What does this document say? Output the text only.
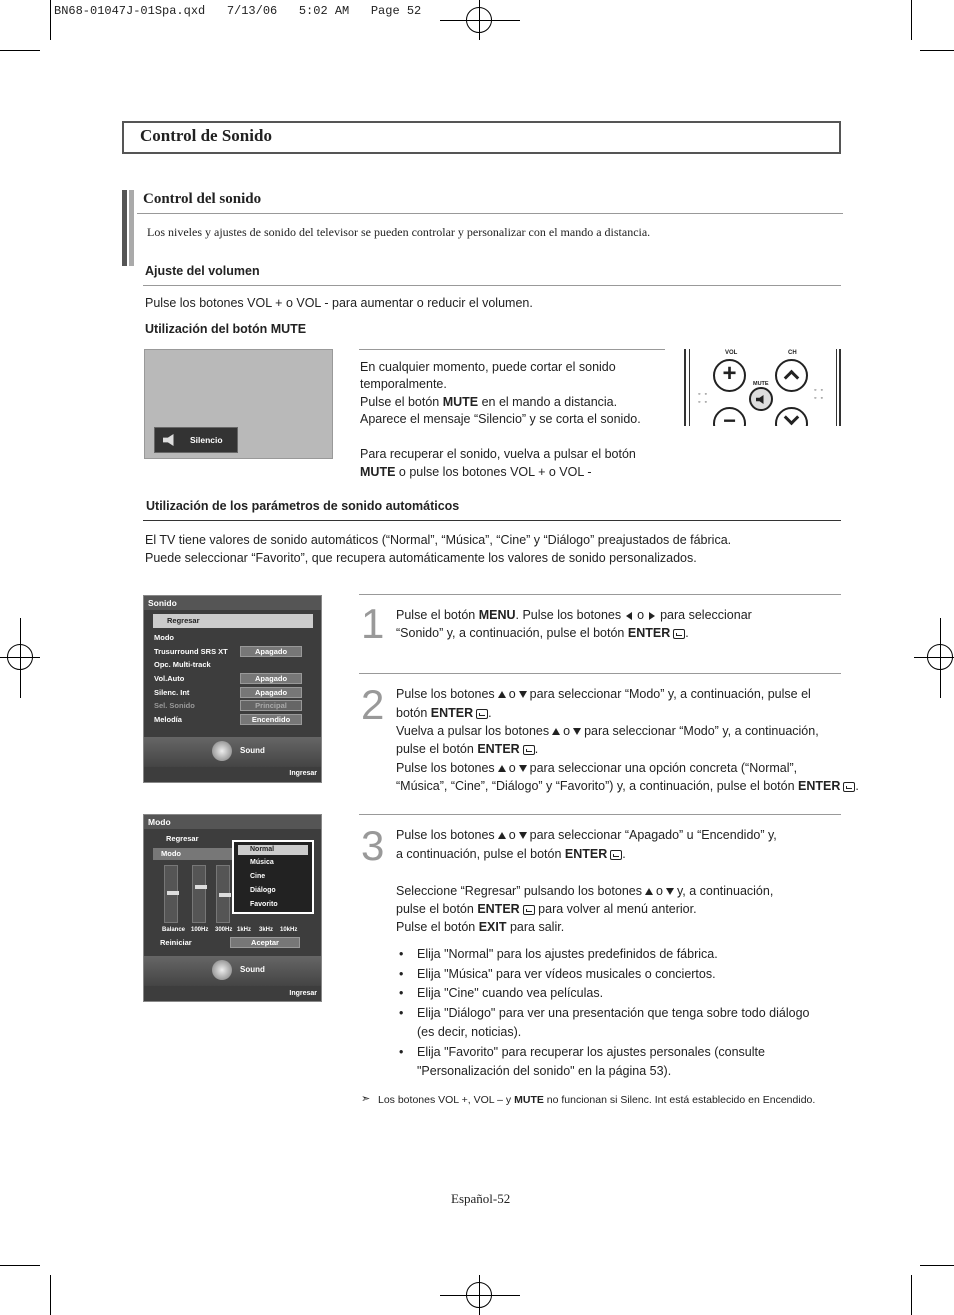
BN68-01047J-01Spa.qxd   7/13/06   5:02 AM   Page 52
Control de Sonido
Control del sonido
Los niveles y ajustes de sonido del televisor se pueden controlar y personalizar con el mando a distancia.
Ajuste del volumen
Pulse los botones VOL + o VOL - para aumentar o reducir el volumen.
Utilización del botón MUTE
Silencio
En cualquier momento, puede cortar el sonido
temporalmente.
Pulse el botón MUTE en el mando a distancia.
Aparece el mensaje “Silencio” y se corta el sonido.
Para recuperar el sonido, vuelva a pulsar el botón
MUTE o pulse los botones VOL + o VOL -
VOL	CH
+
−
MUTE
◦ ◦
◦ ◦
◦ ◦
◦ ◦
Utilización de los parámetros de sonido automáticos
El TV tiene valores de sonido automáticos (“Normal”, “Música”, “Cine” y “Diálogo” preajustados de fábrica.
Puede seleccionar “Favorito”, que recupera automáticamente los valores de sonido personalizados.
Sonido
Regresar
Modo
Trusurround SRS XT	Apagado
Opc. Multi-track
Vol.Auto	Apagado
Silenc. Int	Apagado
Sel. Sonido	Principal
Melodía	Encendido
Sound
Ingresar
Modo
Regresar
Modo	Normal
Música
Cine
Diálogo
Favorito
Balance 100Hz 300Hz 1kHz 3kHz 10kHz
Reiniciar	Aceptar
Sound
Ingresar
1 Pulse el botón MENU. Pulse los botones o para seleccionar
“Sonido” y, a continuación, pulse el botón ENTER .
2 Pulse los botones o para seleccionar “Modo” y, a continuación, pulse el
botón ENTER .
Vuelva a pulsar los botones o para seleccionar “Modo” y, a continuación,
pulse el botón ENTER .
Pulse los botones o para seleccionar una opción concreta (“Normal”,
“Música”, “Cine”, “Diálogo” y “Favorito”) y, a continuación, pulse el botón ENTER .
3 Pulse los botones o para seleccionar “Apagado” u “Encendido” y,
a continuación, pulse el botón ENTER .
Seleccione “Regresar” pulsando los botones o y, a continuación,
pulse el botón ENTER para volver al menú anterior.
Pulse el botón EXIT para salir.
• Elija "Normal" para los ajustes predefinidos de fábrica.
• Elija "Música" para ver vídeos musicales o conciertos.
• Elija "Cine" cuando vea películas.
• Elija "Diálogo" para ver una presentación que tenga sobre todo diálogo (es decir, noticias).
• Elija "Favorito" para recuperar los ajustes personales (consulte "Personalización del sonido" en la página 53).
➣ Los botones VOL +, VOL – y MUTE no funcionan si Silenc. Int está establecido en Encendido.
Español-52
